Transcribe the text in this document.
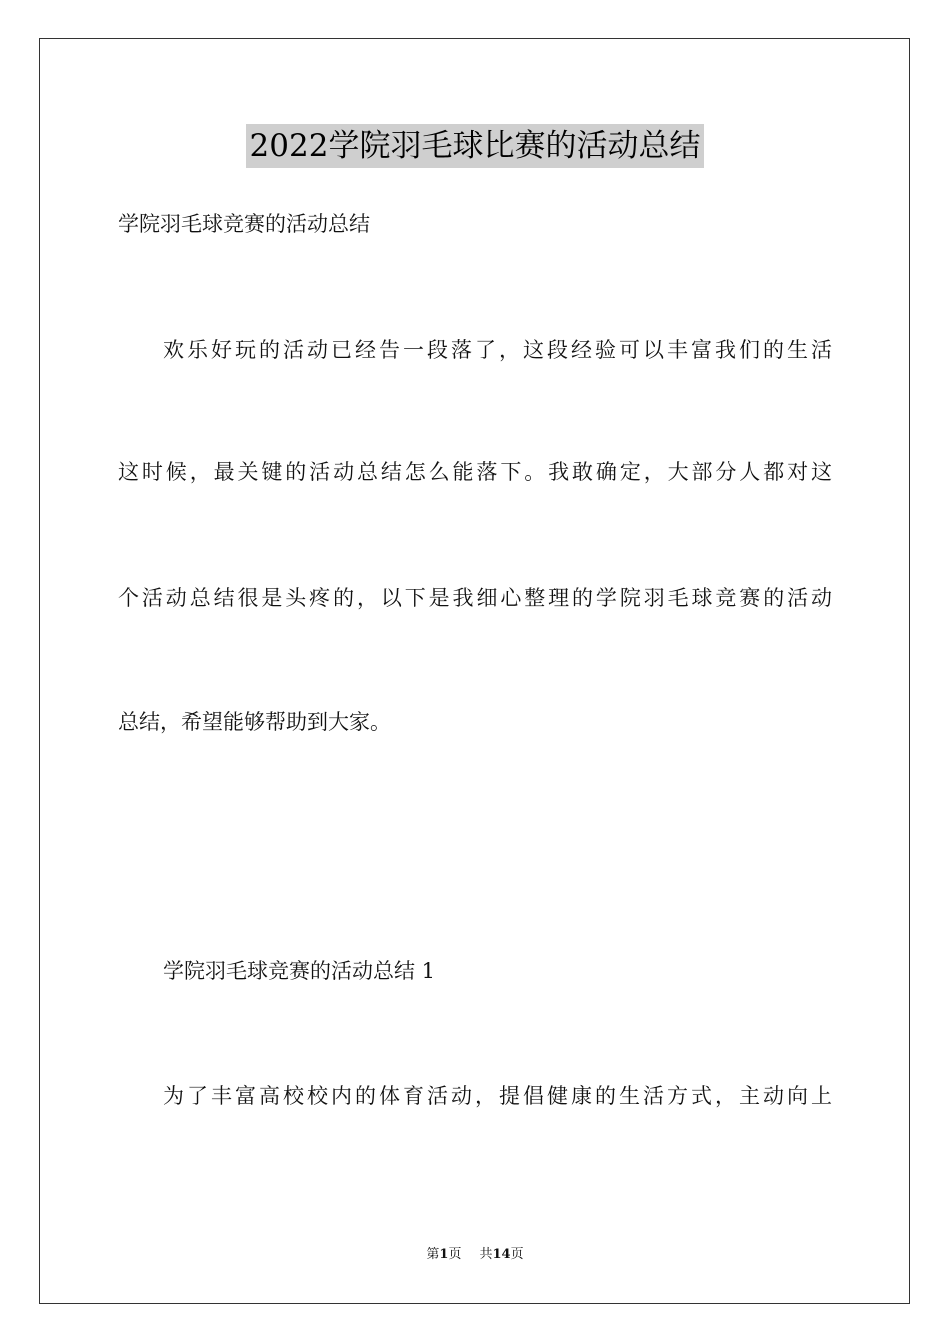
2022学院羽毛球比赛的活动总结
学院羽毛球竞赛的活动总结
欢乐好玩的活动已经告一段落了，这段经验可以丰富我们的生活
这时候，最关键的活动总结怎么能落下。我敢确定，大部分人都对这
个活动总结很是头疼的，以下是我细心整理的学院羽毛球竞赛的活动
总结，希望能够帮助到大家。
学院羽毛球竞赛的活动总结 1
为了丰富高校校内的体育活动，提倡健康的生活方式，主动向上
第1页 共14页
